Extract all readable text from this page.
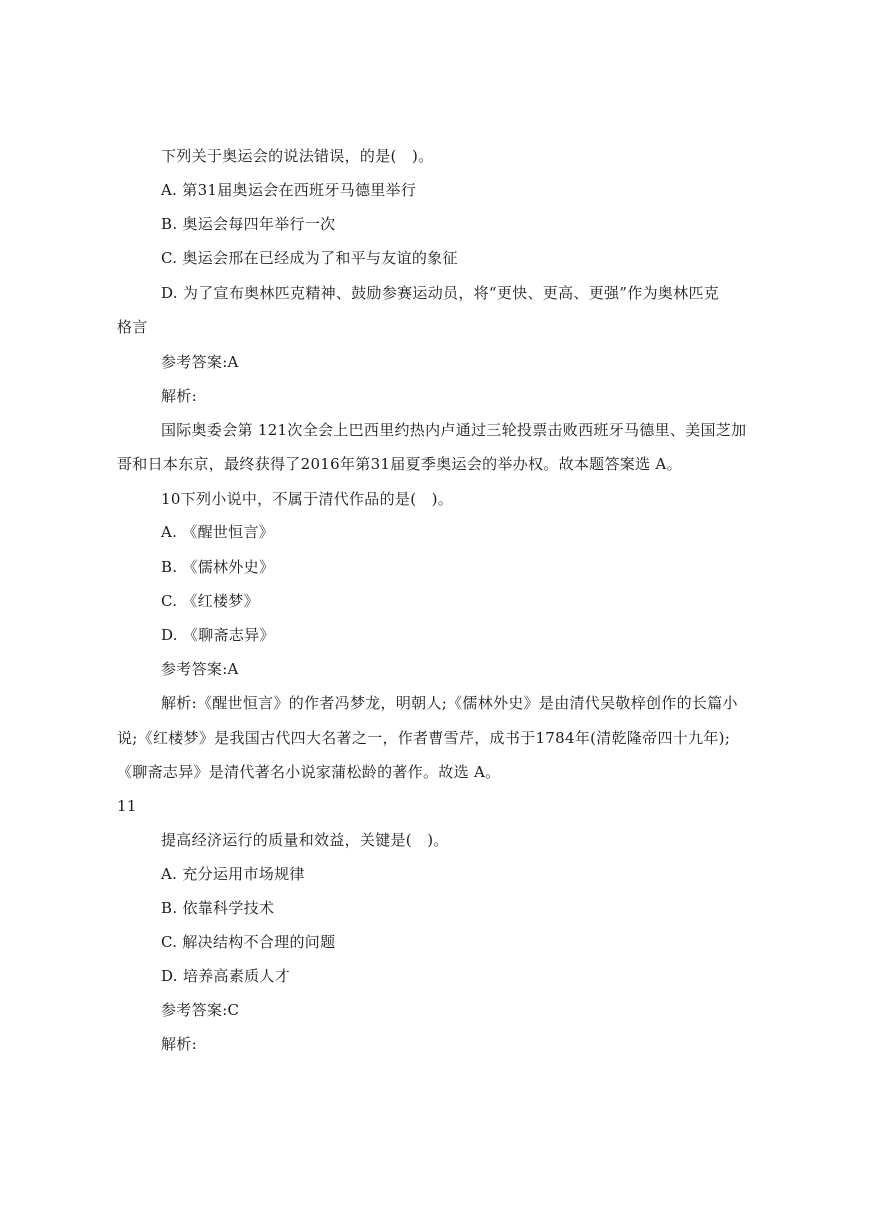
下列关于奥运会的说法错误，的是(　)。
A. 第31届奥运会在西班牙马德里举行
B. 奥运会每四年举行一次
C. 奥运会邢在已经成为了和平与友谊的象征
D. 为了宣布奥林匹克精神、鼓励参赛运动员，将“更快、更高、更强”作为奥林匹克
格言
参考答案:A
解析:
国际奥委会第 121次全会上巴西里约热内卢通过三轮投票击败西班牙马德里、美国芝加
哥和日本东京，最终获得了2016年第31届夏季奥运会的举办权。故本题答案选 A。
10下列小说中，不属于清代作品的是(　)。
A. 《醒世恒言》
B. 《儒林外史》
C. 《红楼梦》
D. 《聊斋志异》
参考答案:A
解析:《醒世恒言》的作者冯梦龙，明朝人;《儒林外史》是由清代吴敬梓创作的长篇小
说;《红楼梦》是我国古代四大名著之一，作者曹雪芹，成书于1784年(清乾隆帝四十九年);
《聊斋志异》是清代著名小说家蒲松龄的著作。故选 A。
11
提高经济运行的质量和效益，关键是(　)。
A. 充分运用市场规律
B. 依靠科学技术
C. 解决结构不合理的问题
D. 培养高素质人才
参考答案:C
解析:
